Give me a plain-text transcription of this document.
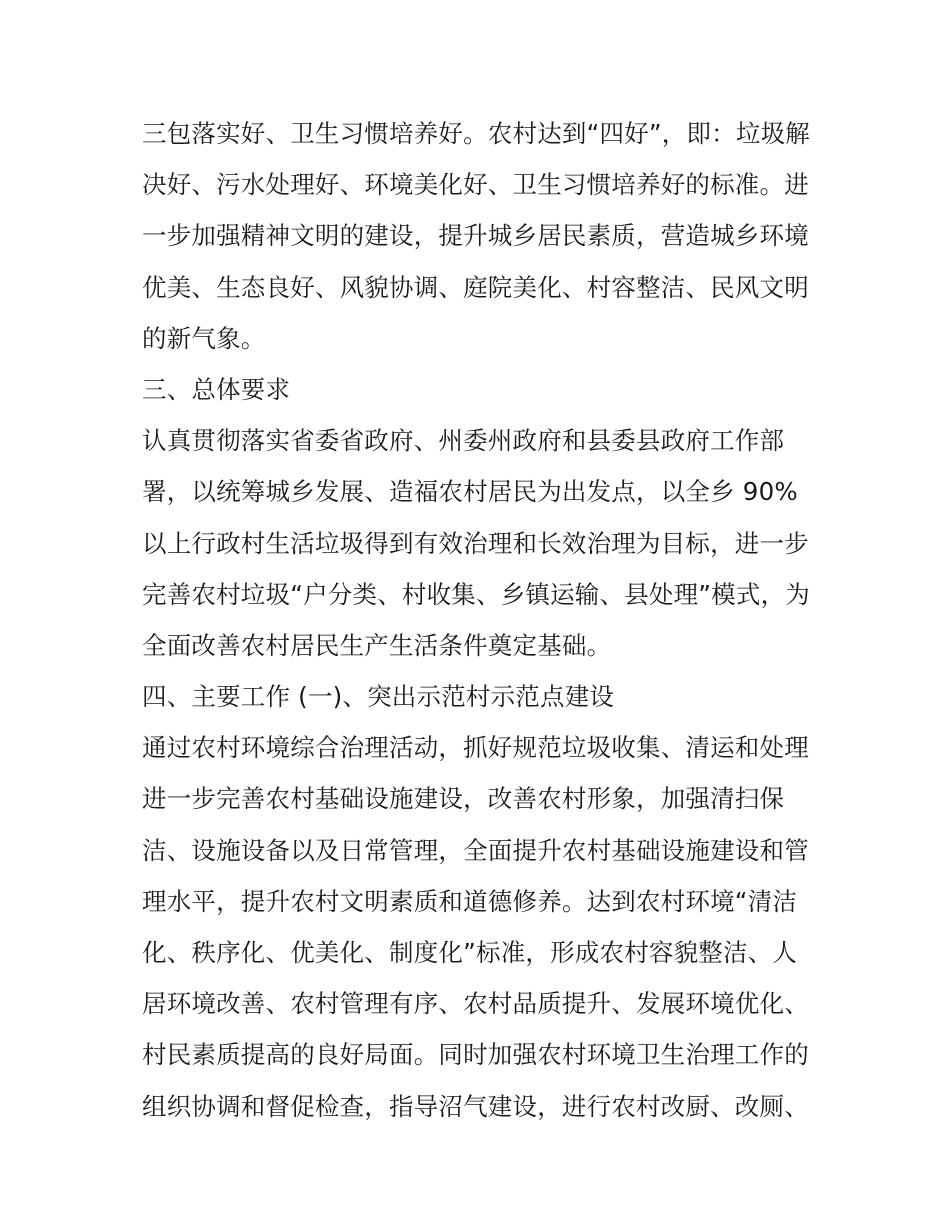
三包落实好、卫生习惯培养好。农村达到“四好”，即：垃圾解
决好、污水处理好、环境美化好、卫生习惯培养好的标准。进
一步加强精神文明的建设，提升城乡居民素质，营造城乡环境
优美、生态良好、风貌协调、庭院美化、村容整洁、民风文明
的新气象。
三、总体要求
认真贯彻落实省委省政府、州委州政府和县委县政府工作部
署，以统筹城乡发展、造福农村居民为出发点，以全乡 90%
以上行政村生活垃圾得到有效治理和长效治理为目标，进一步
完善农村垃圾“户分类、村收集、乡镇运输、县处理”模式，为
全面改善农村居民生产生活条件奠定基础。
四、主要工作 (一)、突出示范村示范点建设
通过农村环境综合治理活动，抓好规范垃圾收集、清运和处理
进一步完善农村基础设施建设，改善农村形象，加强清扫保
洁、设施设备以及日常管理，全面提升农村基础设施建设和管
理水平，提升农村文明素质和道德修养。达到农村环境“清洁
化、秩序化、优美化、制度化”标准，形成农村容貌整洁、人
居环境改善、农村管理有序、农村品质提升、发展环境优化、
村民素质提高的良好局面。同时加强农村环境卫生治理工作的
组织协调和督促检查，指导沼气建设，进行农村改厨、改厕、
